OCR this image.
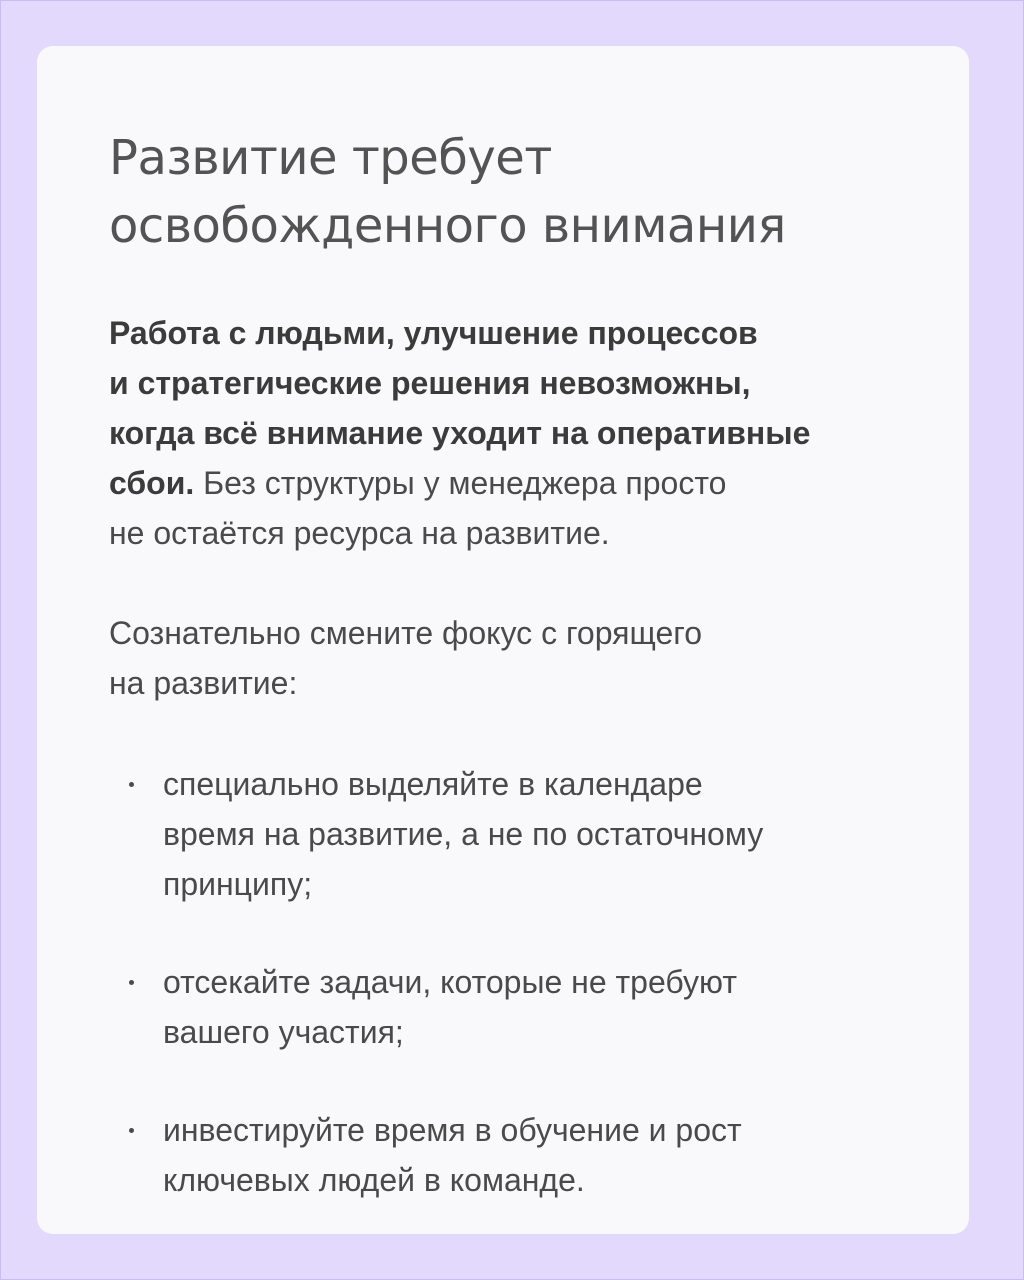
Развитие требует
освобожденного внимания

Работа с людьми, улучшение процессов
и стратегические решения невозможны,
когда всё внимание уходит на оперативные
сбои. Без структуры у менеджера просто
не остаётся ресурса на развитие.

Сознательно смените фокус с горящего
на развитие:

специально выделяйте в календаре
время на развитие, а не по остаточному
принципу;
отсекайте задачи, которые не требуют
вашего участия;
инвестируйте время в обучение и рост
ключевых людей в команде.
